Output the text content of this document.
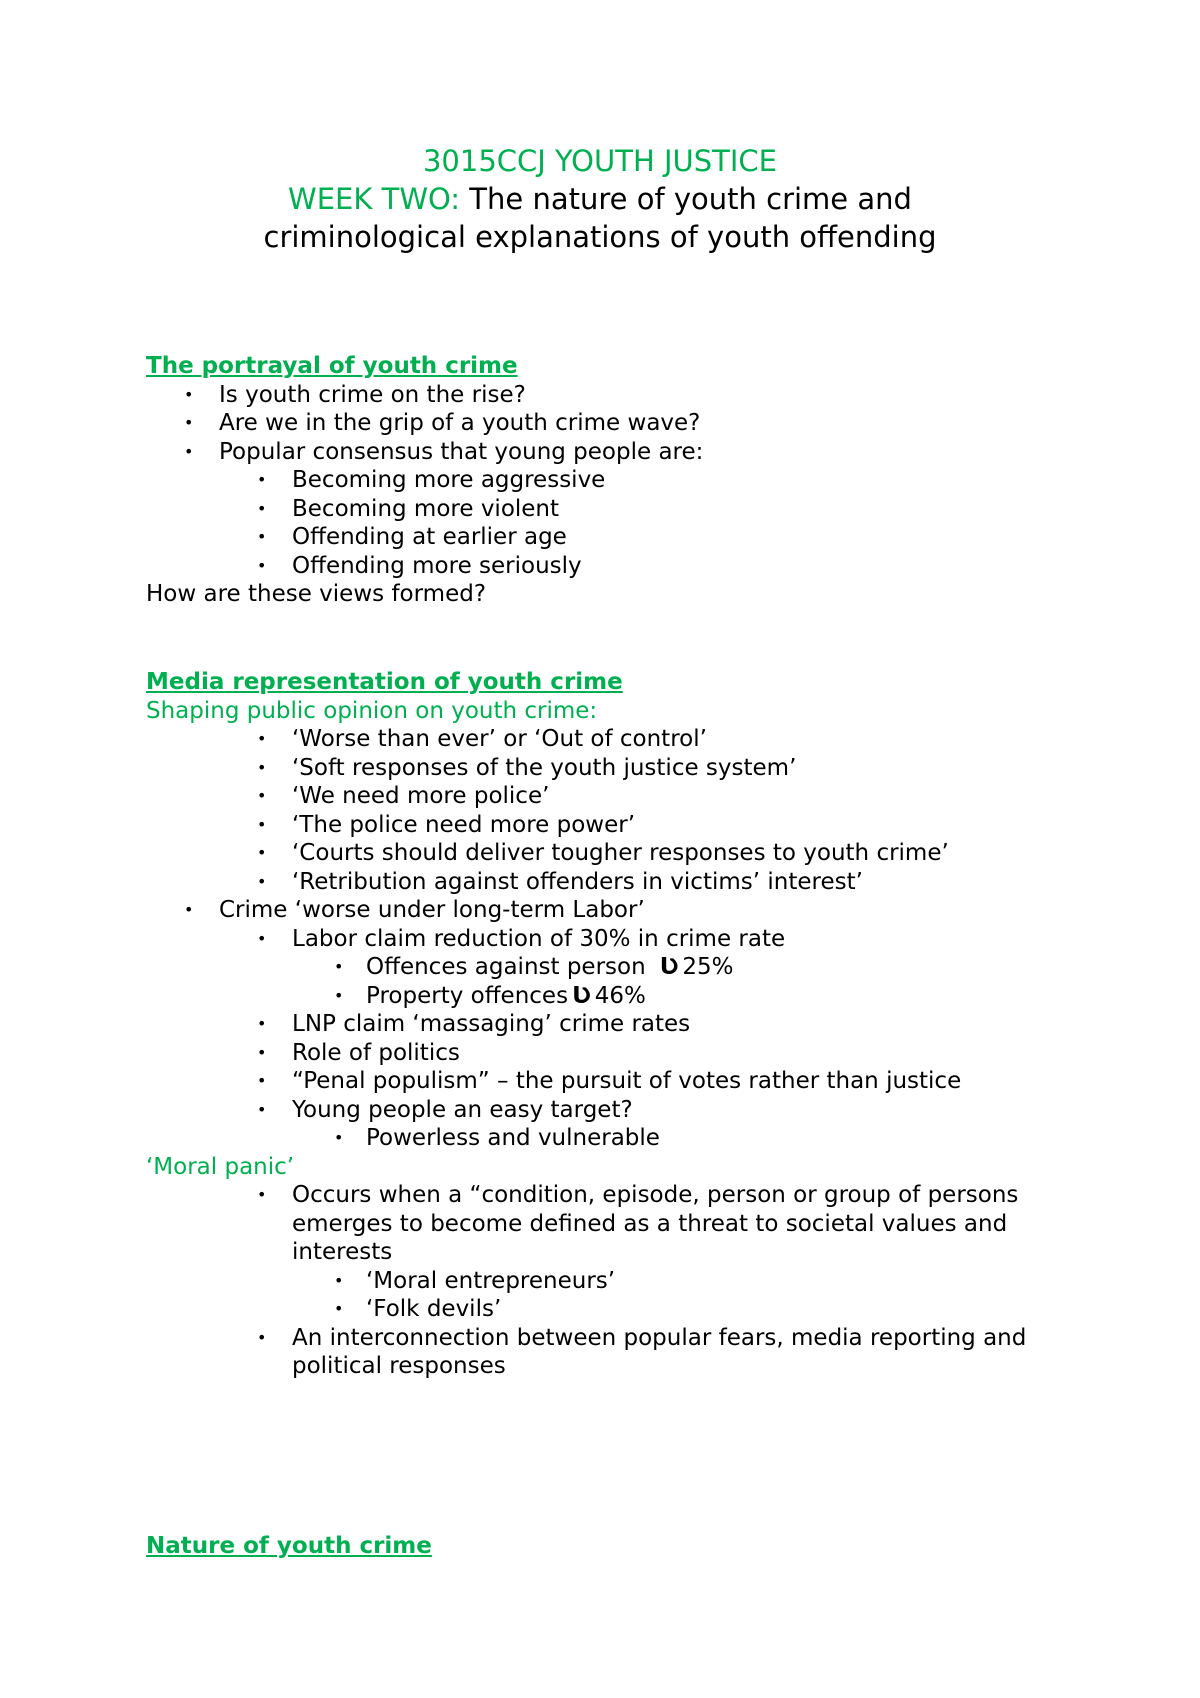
3015CCJ YOUTH JUSTICE
WEEK TWO: The nature of youth crime and
criminological explanations of youth offending
The portrayal of youth crime
• Is youth crime on the rise?
• Are we in the grip of a youth crime wave?
• Popular consensus that young people are:
• Becoming more aggressive
• Becoming more violent
• Offending at earlier age
• Offending more seriously
How are these views formed?
Media representation of youth crime
Shaping public opinion on youth crime:
• ‘Worse than ever’ or ‘Out of control’
• ‘Soft responses of the youth justice system’
• ‘We need more police’
• ‘The police need more power’
• ‘Courts should deliver tougher responses to youth crime’
• ‘Retribution against offenders in victims’ interest’
• Crime ‘worse under long-term Labor’
• Labor claim reduction of 30% in crime rate
• Offences against person Ʋ 25%
• Property offences Ʋ 46%
• LNP claim ‘massaging’ crime rates
• Role of politics
• “Penal populism” – the pursuit of votes rather than justice
• Young people an easy target?
• Powerless and vulnerable
‘Moral panic’
• Occurs when a “condition, episode, person or group of persons emerges to become defined as a threat to societal values and interests
• ‘Moral entrepreneurs’
• ‘Folk devils’
• An interconnection between popular fears, media reporting and political responses
Nature of youth crime
